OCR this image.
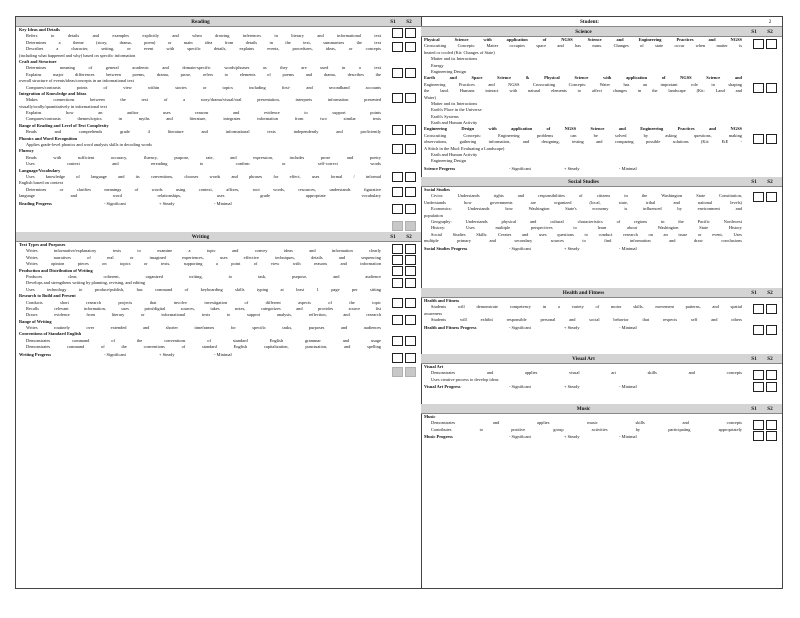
Reading	S1	S2
Key Ideas and Details
Refers to details and examples explicitly and when drawing inferences in literary and informational text
Determines a theme (story, drama, poem) or main idea from details in the text, summarizes the text
Describes a character, setting, or event with specific details, explains events, procedures, ideas, or concepts
(including what happened and why) based on specific information
Craft and Structure
Determines meaning of general academic and domain-specific words/phrases as they are used in a text
Explains major differences between poems, drama, prose, refers to elements of poems and drama, describes the
overall structure of events/ideas/concepts in an informational text
Compares/contrasts points of view within stories or topics including first- and secondhand accounts
Integration of Knowledge and Ideas
Makes connections between the text of a story/drama/visual/oral presentation, interprets information presented
visually/orally/quantitatively in informational text
Explains how an author uses reasons and evidence to support points
Compares/contrasts themes/topics in myths and literature, integrates information from two similar texts
Range of Reading and Level of Text Complexity
Reads and comprehends grade 4 literature and informational texts independently and proficiently
Phonics and Word Recognition
Applies grade-level phonics and word analysis skills in decoding words
Fluency
Reads with sufficient accuracy, fluency, purpose, rate, and expression, includes prose and poetry
Uses context and rereading to confirm or self-correct words
Language/Vocabulary
Uses knowledge of language and its conventions, chooses words and phrases for effect, uses formal / informal
English based on context
Determines or clarifies meanings of words using context, affixes, root words, resources, understands figurative
language and word relationships, uses grade appropriate vocabulary
Reading Progress	- Significant	+ Steady	- Minimal
Writing	S1	S2
Text Types and Purposes
Writes informative/explanatory texts to examine a topic and convey ideas and information clearly
Writes narratives of real or imagined experiences, uses effective techniques, details and sequencing
Writes opinion pieces on topics or texts, supporting a point of view with reasons and information
Production and Distribution of Writing
Produces clear, coherent, organized writing, to task, purpose, and audience
Develops and strengthens writing by planning, revising, and editing
Uses technology to produce/publish, has command of keyboarding skills typing at least 1 page per sitting
Research to Build and Present
Conducts short research projects that involve investigation of different aspects of the topic
Recalls relevant information, uses print/digital sources, takes notes, categorizes and provides source list
Draws evidence from literary or informational texts to support analysis, reflection, and research
Range of Writing
Writes routinely over extended and shorter timeframes for specific tasks, purposes and audiences
Conventions of Standard English
Demonstrates command of the conventions of standard English grammar and usage
Demonstrates command of the conventions of standard English capitalization, punctuation, and spelling
Writing Progress	- Significant	+ Steady	- Minimal
Student:	2
Science	S1	S2
Physical Science with application of NGSS Science and Engineering Practices and NGSS
Crosscutting Concepts: Matter occupies space and has mass. Changes of state occur when matter is
heated or cooled (Kit: Changes of State)
Matter and its Interactions
Energy
Engineering Design
Earth and Space Science & Physical Science with application of NGSS Science and
Engineering Practices and NGSS Crosscutting Concepts: Water has an important role in shaping
the land. Humans interact with natural elements to affect changes in the landscape (Kit: Land and
Water)
Matter and its Interactions
Earth's Place in the Universe
Earth's Systems
Earth and Human Activity
Engineering Design with application of NGSS Science and Engineering Practices and NGSS
Crosscutting Concepts: Engineering problems can be solved by asking questions, making
observations, gathering information, and designing, testing and comparing possible solutions (Kit: EiE -
A Stitch in the Mud: Evaluating a Landscape)
Earth and Human Activity
Engineering Design
Science Progress	- Significant	+ Steady	- Minimal
Social Studies	S1	S2
Social Studies
Civics: Understands rights and responsibilities of citizens in the Washington State Constitution,
Understands how governments are organized (local, state, tribal and national levels)
Economics: Understands how Washington State's economy is influenced by environment and
population
Geography: Understands physical and cultural characteristics of regions in the Pacific Northwest
History: Uses multiple perspectives to learn about Washington State History
Social Studies Skills: Creates and uses questions to conduct research on an issue or event, Uses
multiple primary and secondary sources to find information and draw conclusions
Social Studies Progress	- Significant	+ Steady	- Minimal
Health and Fitness	S1	S2
Health and Fitness
Students will demonstrate competency in a variety of motor skills, movement patterns, and spatial
awareness
Students will exhibit responsible personal and social behavior that respects self and others
Health and Fitness Progress	- Significant	+ Steady	- Minimal
Visual Art	S1	S2
Visual Art
Demonstrates and applies visual art skills and concepts
Uses creative process to develop ideas
Visual Art Progress	- Significant	+ Steady	- Minimal
Music	S1	S2
Music
Demonstrates and applies music skills and concepts
Contributes to positive group activities by participating appropriately
Music Progress	- Significant	+ Steady	- Minimal
